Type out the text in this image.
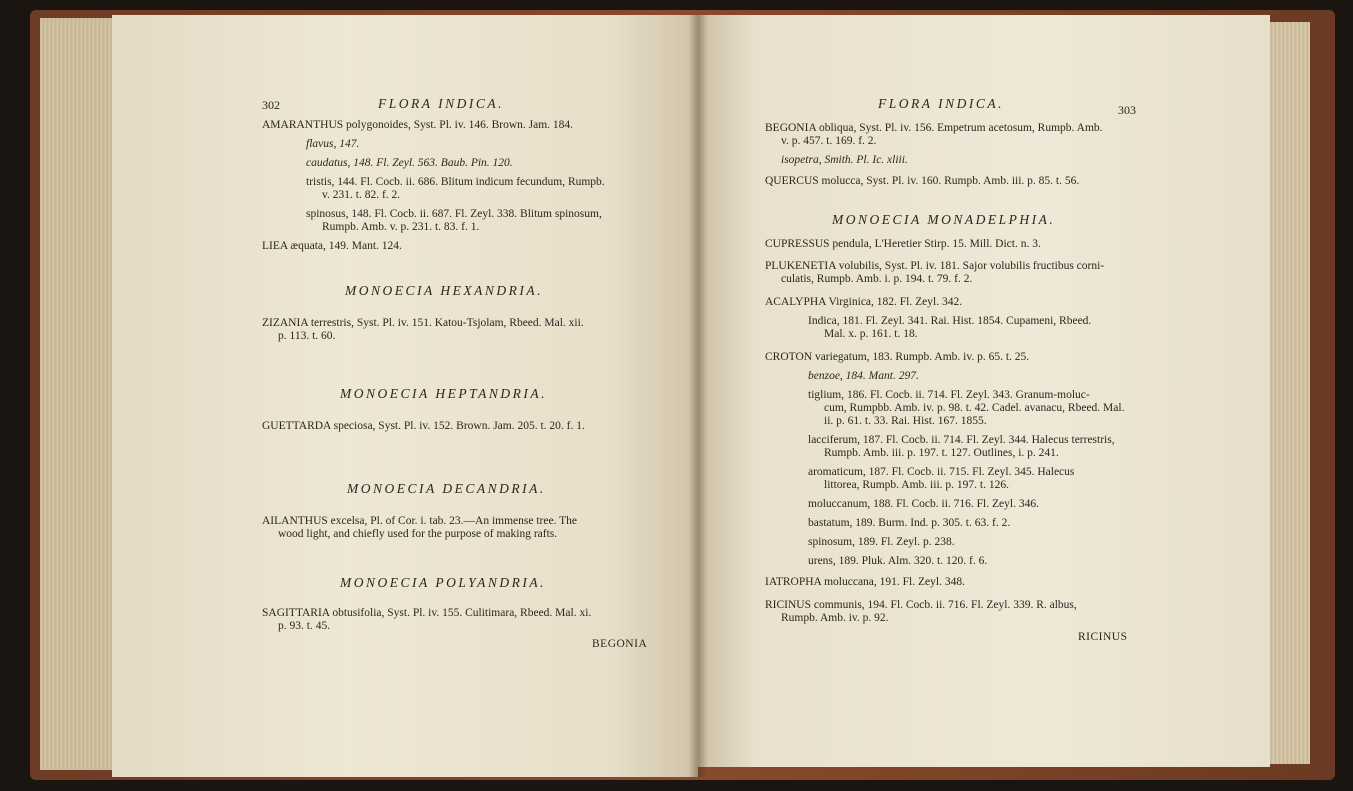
302	FLORA INDICA.
AMARANTHUS polygonoides, Syst. Pl. iv. 146. Brown. Jam. 184.
flavus, 147.
caudatus, 148. Fl. Zeyl. 563. Baub. Pin. 120.
tristis, 144. Fl. Cocb. ii. 686. Blitum indicum fecundum, Rumpb.
v. 231. t. 82. f. 2.
spinosus, 148. Fl. Cocb. ii. 687. Fl. Zeyl. 338. Blitum spinosum,
Rumpb. Amb. v. p. 231. t. 83. f. 1.
LIEA æquata, 149. Mant. 124.
MONOECIA HEXANDRIA.
ZIZANIA terrestris, Syst. Pl. iv. 151. Katou-Tsjolam, Rbeed. Mal. xii.
p. 113. t. 60.
MONOECIA HEPTANDRIA.
GUETTARDA speciosa, Syst. Pl. iv. 152. Brown. Jam. 205. t. 20. f. 1.
MONOECIA DECANDRIA.
AILANTHUS excelsa, Pl. of Cor. i. tab. 23.—An immense tree. The
wood light, and chiefly used for the purpose of making rafts.
MONOECIA POLYANDRIA.
SAGITTARIA obtusifolia, Syst. Pl. iv. 155. Culitimara, Rbeed. Mal. xi.
p. 93. t. 45.
BEGONIA
FLORA INDICA.	303
BEGONIA obliqua, Syst. Pl. iv. 156. Empetrum acetosum, Rumpb. Amb.
v. p. 457. t. 169. f. 2.
isopetra, Smith. Pl. Ic. xliii.
QUERCUS molucca, Syst. Pl. iv. 160. Rumpb. Amb. iii. p. 85. t. 56.
MONOECIA MONADELPHIA.
CUPRESSUS pendula, L'Heretier Stirp. 15. Mill. Dict. n. 3.
PLUKENETIA volubilis, Syst. Pl. iv. 181. Sajor volubilis fructibus corni-
culatis, Rumpb. Amb. i. p. 194. t. 79. f. 2.
ACALYPHA Virginica, 182. Fl. Zeyl. 342.
Indica, 181. Fl. Zeyl. 341. Rai. Hist. 1854. Cupameni, Rbeed.
Mal. x. p. 161. t. 18.
CROTON variegatum, 183. Rumpb. Amb. iv. p. 65. t. 25.
benzoe, 184. Mant. 297.
tiglium, 186. Fl. Cocb. ii. 714. Fl. Zeyl. 343. Granum-moluc-
cum, Rumpbb. Amb. iv. p. 98. t. 42. Cadel. avanacu, Rbeed. Mal.
ii. p. 61. t. 33. Rai. Hist. 167. 1855.
lacciferum, 187. Fl. Cocb. ii. 714. Fl. Zeyl. 344. Halecus terrestris,
Rumpb. Amb. iii. p. 197. t. 127. Outlines, i. p. 241.
aromaticum, 187. Fl. Cocb. ii. 715. Fl. Zeyl. 345. Halecus
littorea, Rumpb. Amb. iii. p. 197. t. 126.
moluccanum, 188. Fl. Cocb. ii. 716. Fl. Zeyl. 346.
bastatum, 189. Burm. Ind. p. 305. t. 63. f. 2.
spinosum, 189. Fl. Zeyl. p. 238.
urens, 189. Pluk. Alm. 320. t. 120. f. 6.
IATROPHA moluccana, 191. Fl. Zeyl. 348.
RICINUS communis, 194. Fl. Cocb. ii. 716. Fl. Zeyl. 339. R. albus,
Rumpb. Amb. iv. p. 92.
RICINUS
